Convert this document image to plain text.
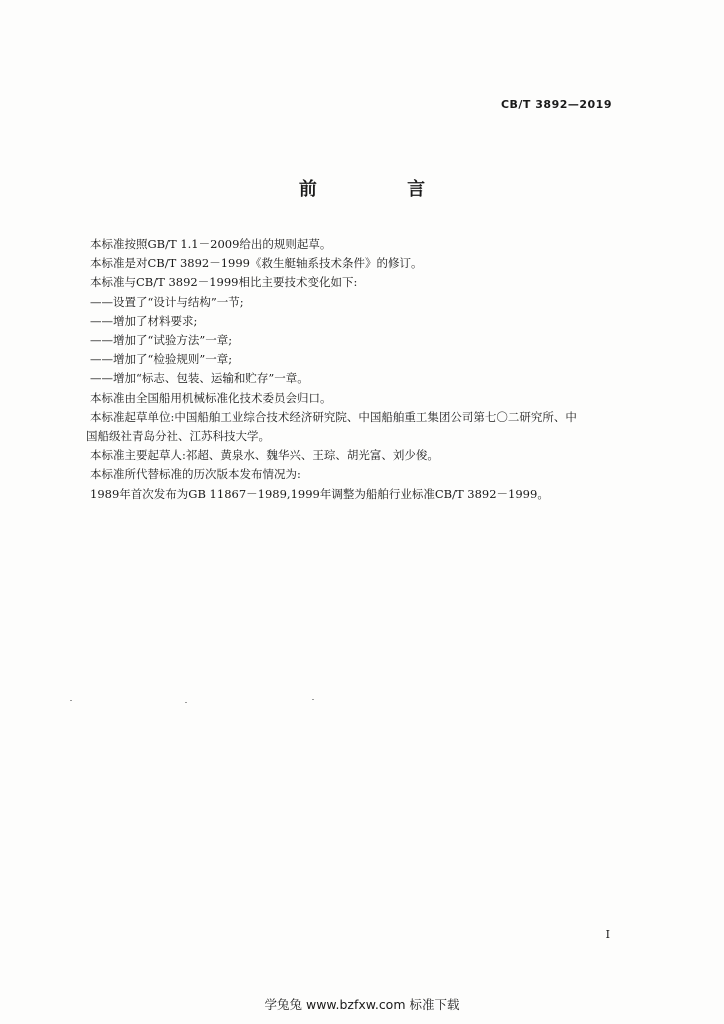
CB/T 3892—2019
前 言

本标准按照GB/T 1.1－2009给出的规则起草。

本标准是对CB/T 3892－1999《救生艇轴系技术条件》的修订。

本标准与CB/T 3892－1999相比主要技术变化如下:

——设置了“设计与结构”一节;

——增加了材料要求;

——增加了“试验方法”一章;

——增加了“检验规则”一章;

——增加“标志、包装、运输和贮存”一章。

本标准由全国船用机械标准化技术委员会归口。

本标准起草单位:中国船舶工业综合技术经济研究院、中国船舶重工集团公司第七〇二研究所、中

国船级社青岛分社、江苏科技大学。

本标准主要起草人:祁超、黄泉水、魏华兴、王琮、胡光富、刘少俊。

本标准所代替标准的历次版本发布情况为:

1989年首次发布为GB 11867－1989,1999年调整为船舶行业标准CB/T 3892－1999。

I
学兔兔 www.bzfxw.com 标准下载
